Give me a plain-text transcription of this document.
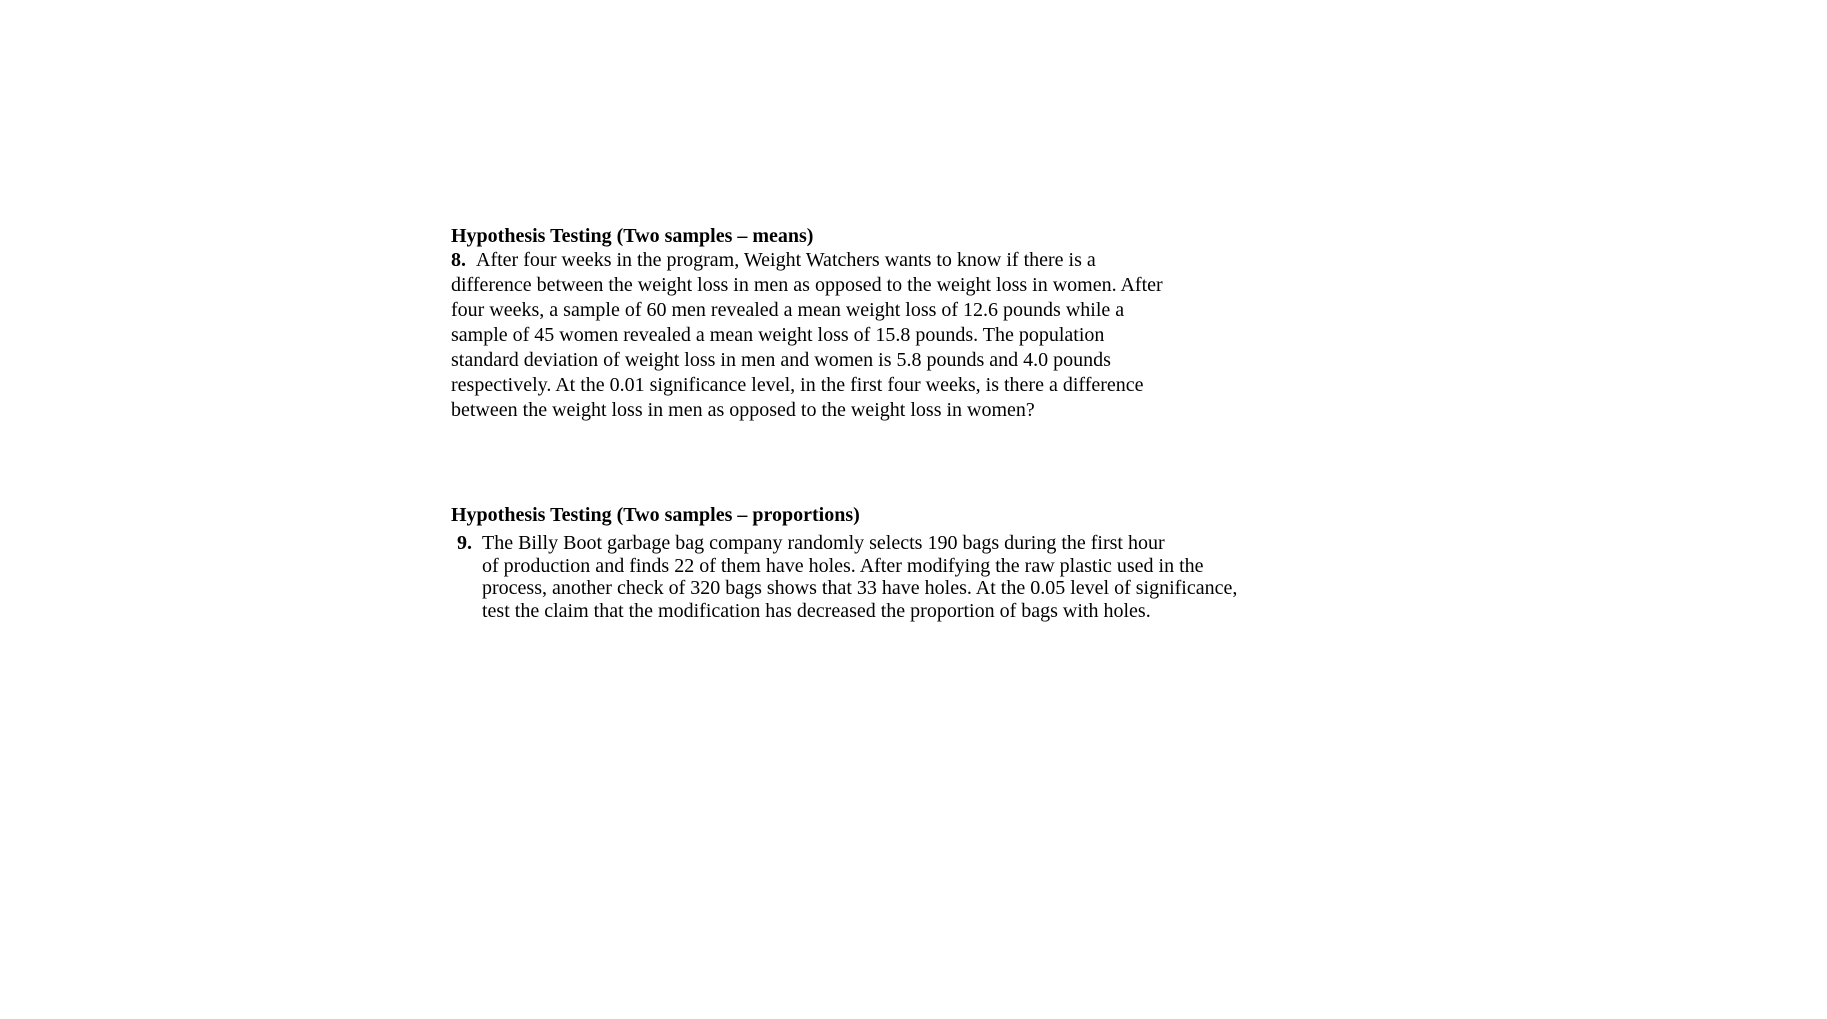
Hypothesis Testing (Two samples – means)
8. After four weeks in the program, Weight Watchers wants to know if there is a
difference between the weight loss in men as opposed to the weight loss in women. After
four weeks, a sample of 60 men revealed a mean weight loss of 12.6 pounds while a
sample of 45 women revealed a mean weight loss of 15.8 pounds. The population
standard deviation of weight loss in men and women is 5.8 pounds and 4.0 pounds
respectively. At the 0.01 significance level, in the first four weeks, is there a difference
between the weight loss in men as opposed to the weight loss in women?
Hypothesis Testing (Two samples – proportions)
9. The Billy Boot garbage bag company randomly selects 190 bags during the first hour
of production and finds 22 of them have holes. After modifying the raw plastic used in the
process, another check of 320 bags shows that 33 have holes. At the 0.05 level of significance,
test the claim that the modification has decreased the proportion of bags with holes.
